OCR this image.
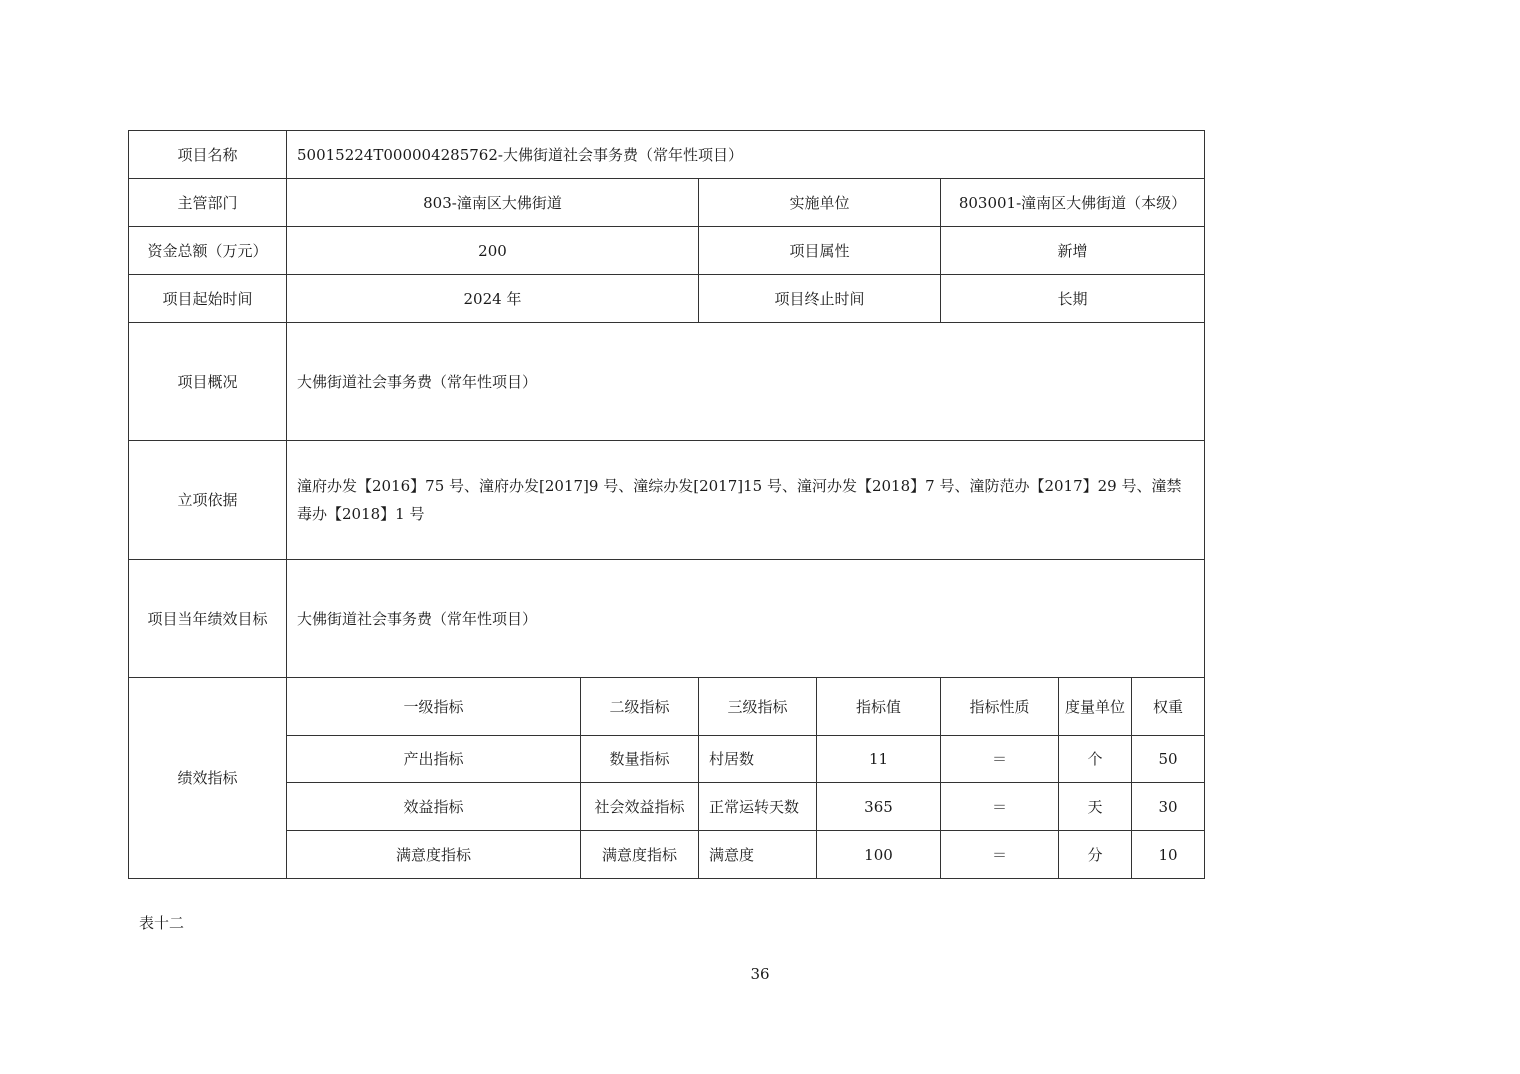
项目名称	50015224T000004285762-大佛街道社会事务费（常年性项目）						
主管部门	803-潼南区大佛街道		实施单位		803001-潼南区大佛街道（本级）		
资金总额（万元）	200		项目属性		新增		
项目起始时间	2024 年		项目终止时间		长期		
项目概况	大佛街道社会事务费（常年性项目）						
立项依据	潼府办发【2016】75 号、潼府办发[2017]9 号、潼综办发[2017]15 号、潼河办发【2018】7 号、潼防范办【2017】29 号、潼禁毒办【2018】1 号						
项目当年绩效目标	大佛街道社会事务费（常年性项目）						
绩效指标	一级指标	二级指标	三级指标	指标值	指标性质	度量单位	权重
	产出指标	数量指标	村居数	11	＝	个	50
	效益指标	社会效益指标	正常运转天数	365	＝	天	30
	满意度指标	满意度指标	满意度	100	＝	分	10
表十二
36
